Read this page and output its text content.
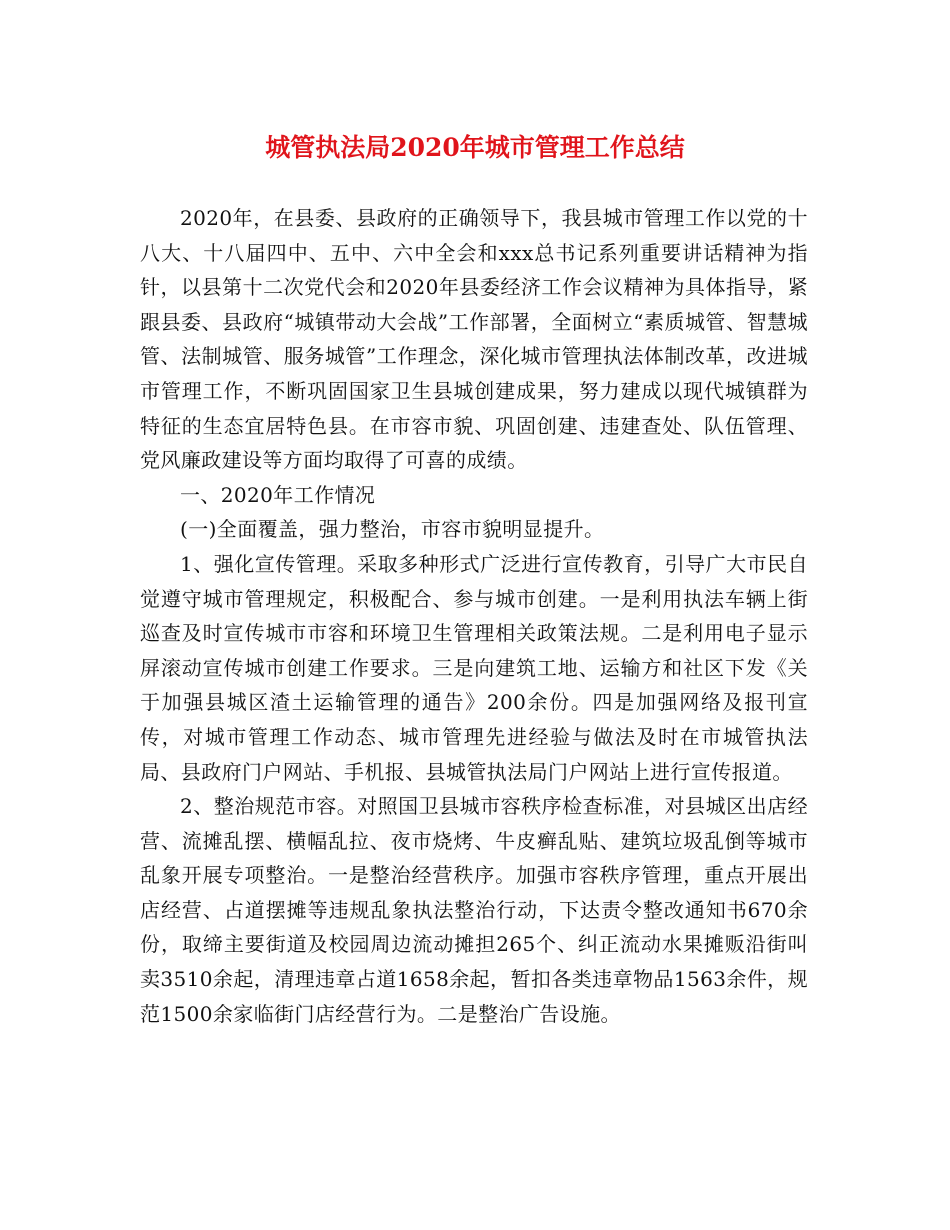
城管执法局2020年城市管理工作总结

2020年，在县委、县政府的正确领导下，我县城市管理工作以党的十八大、十八届四中、五中、六中全会和xxx总书记系列重要讲话精神为指针，以县第十二次党代会和2020年县委经济工作会议精神为具体指导，紧跟县委、县政府“城镇带动大会战”工作部署，全面树立“素质城管、智慧城管、法制城管、服务城管”工作理念，深化城市管理执法体制改革，改进城市管理工作，不断巩固国家卫生县城创建成果，努力建成以现代城镇群为特征的生态宜居特色县。在市容市貌、巩固创建、违建查处、队伍管理、党风廉政建设等方面均取得了可喜的成绩。

一、2020年工作情况

(一)全面覆盖，强力整治，市容市貌明显提升。

1、强化宣传管理。采取多种形式广泛进行宣传教育，引导广大市民自觉遵守城市管理规定，积极配合、参与城市创建。一是利用执法车辆上街巡查及时宣传城市市容和环境卫生管理相关政策法规。二是利用电子显示屏滚动宣传城市创建工作要求。三是向建筑工地、运输方和社区下发《关于加强县城区渣土运输管理的通告》200余份。四是加强网络及报刊宣传，对城市管理工作动态、城市管理先进经验与做法及时在市城管执法局、县政府门户网站、手机报、县城管执法局门户网站上进行宣传报道。

2、整治规范市容。对照国卫县城市容秩序检查标准，对县城区出店经营、流摊乱摆、横幅乱拉、夜市烧烤、牛皮癣乱贴、建筑垃圾乱倒等城市乱象开展专项整治。一是整治经营秩序。加强市容秩序管理，重点开展出店经营、占道摆摊等违规乱象执法整治行动，下达责令整改通知书670余份，取缔主要街道及校园周边流动摊担265个、纠正流动水果摊贩沿街叫卖3510余起，清理违章占道1658余起，暂扣各类违章物品1563余件，规范1500余家临街门店经营行为。二是整治广告设施。
